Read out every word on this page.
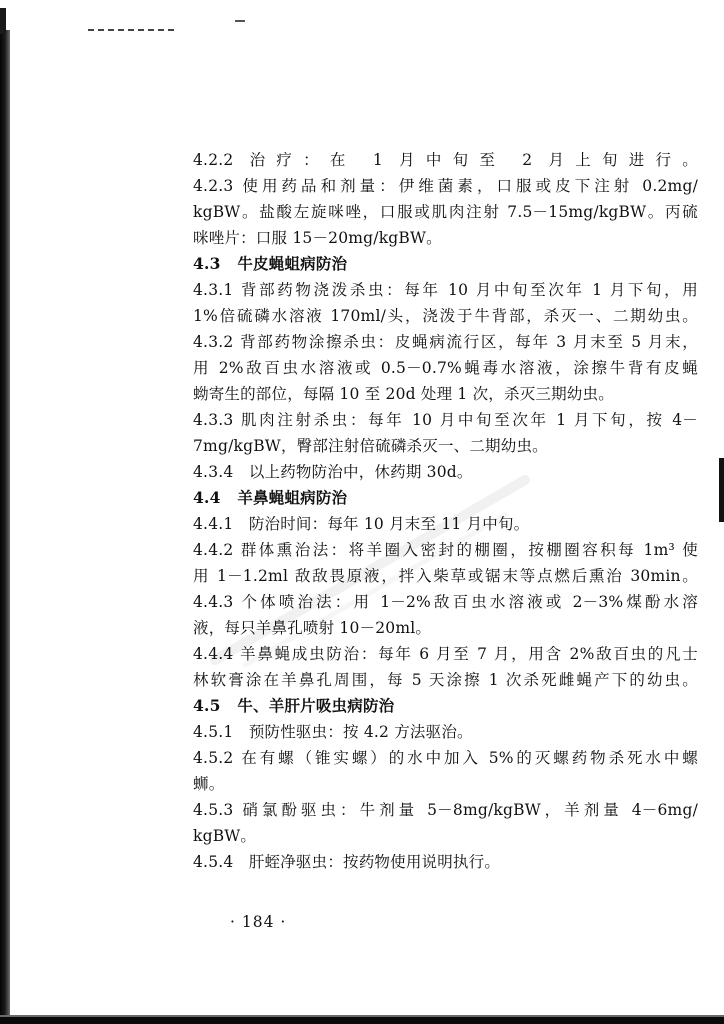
4.2.2 治疗：在 1 月中旬至 2 月上旬进行。
4.2.3 使用药品和剂量：伊维菌素，口服或皮下注射 0.2mg/
kgBW。盐酸左旋咪唑，口服或肌肉注射 7.5－15mg/kgBW。丙硫
咪唑片：口服 15－20mg/kgBW。
4.3   牛皮蝇蛆病防治
4.3.1 背部药物浇泼杀虫：每年 10 月中旬至次年 1 月下旬，用
1%倍硫磷水溶液 170ml/头，浇泼于牛背部，杀灭一、二期幼虫。
4.3.2 背部药物涂擦杀虫：皮蝇病流行区，每年 3 月末至 5 月末，
用 2%敌百虫水溶液或 0.5－0.7%蝇毒水溶液，涂擦牛背有皮蝇
蚴寄生的部位，每隔 10 至 20d 处理 1 次，杀灭三期幼虫。
4.3.3 肌肉注射杀虫：每年 10 月中旬至次年 1 月下旬，按 4－
7mg/kgBW，臀部注射倍硫磷杀灭一、二期幼虫。
4.3.4   以上药物防治中，休药期 30d。
4.4   羊鼻蝇蛆病防治
4.4.1   防治时间：每年 10 月末至 11 月中旬。
4.4.2 群体熏治法：将羊圈入密封的棚圈，按棚圈容积每 1m³ 使
用 1－1.2ml 敌敌畏原液，拌入柴草或锯末等点燃后熏治 30min。
4.4.3 个体喷治法：用 1－2%敌百虫水溶液或 2－3%煤酚水溶
液，每只羊鼻孔喷射 10－20ml。
4.4.4 羊鼻蝇成虫防治：每年 6 月至 7 月，用含 2%敌百虫的凡士
林软膏涂在羊鼻孔周围，每 5 天涂擦 1 次杀死雌蝇产下的幼虫。
4.5   牛、羊肝片吸虫病防治
4.5.1   预防性驱虫：按 4.2 方法驱治。
4.5.2 在有螺（锥实螺）的水中加入 5%的灭螺药物杀死水中螺
蛳。
4.5.3 硝氯酚驱虫：牛剂量 5－8mg/kgBW，羊剂量 4－6mg/
kgBW。
4.5.4   肝蛭净驱虫：按药物使用说明执行。
· 184 ·
